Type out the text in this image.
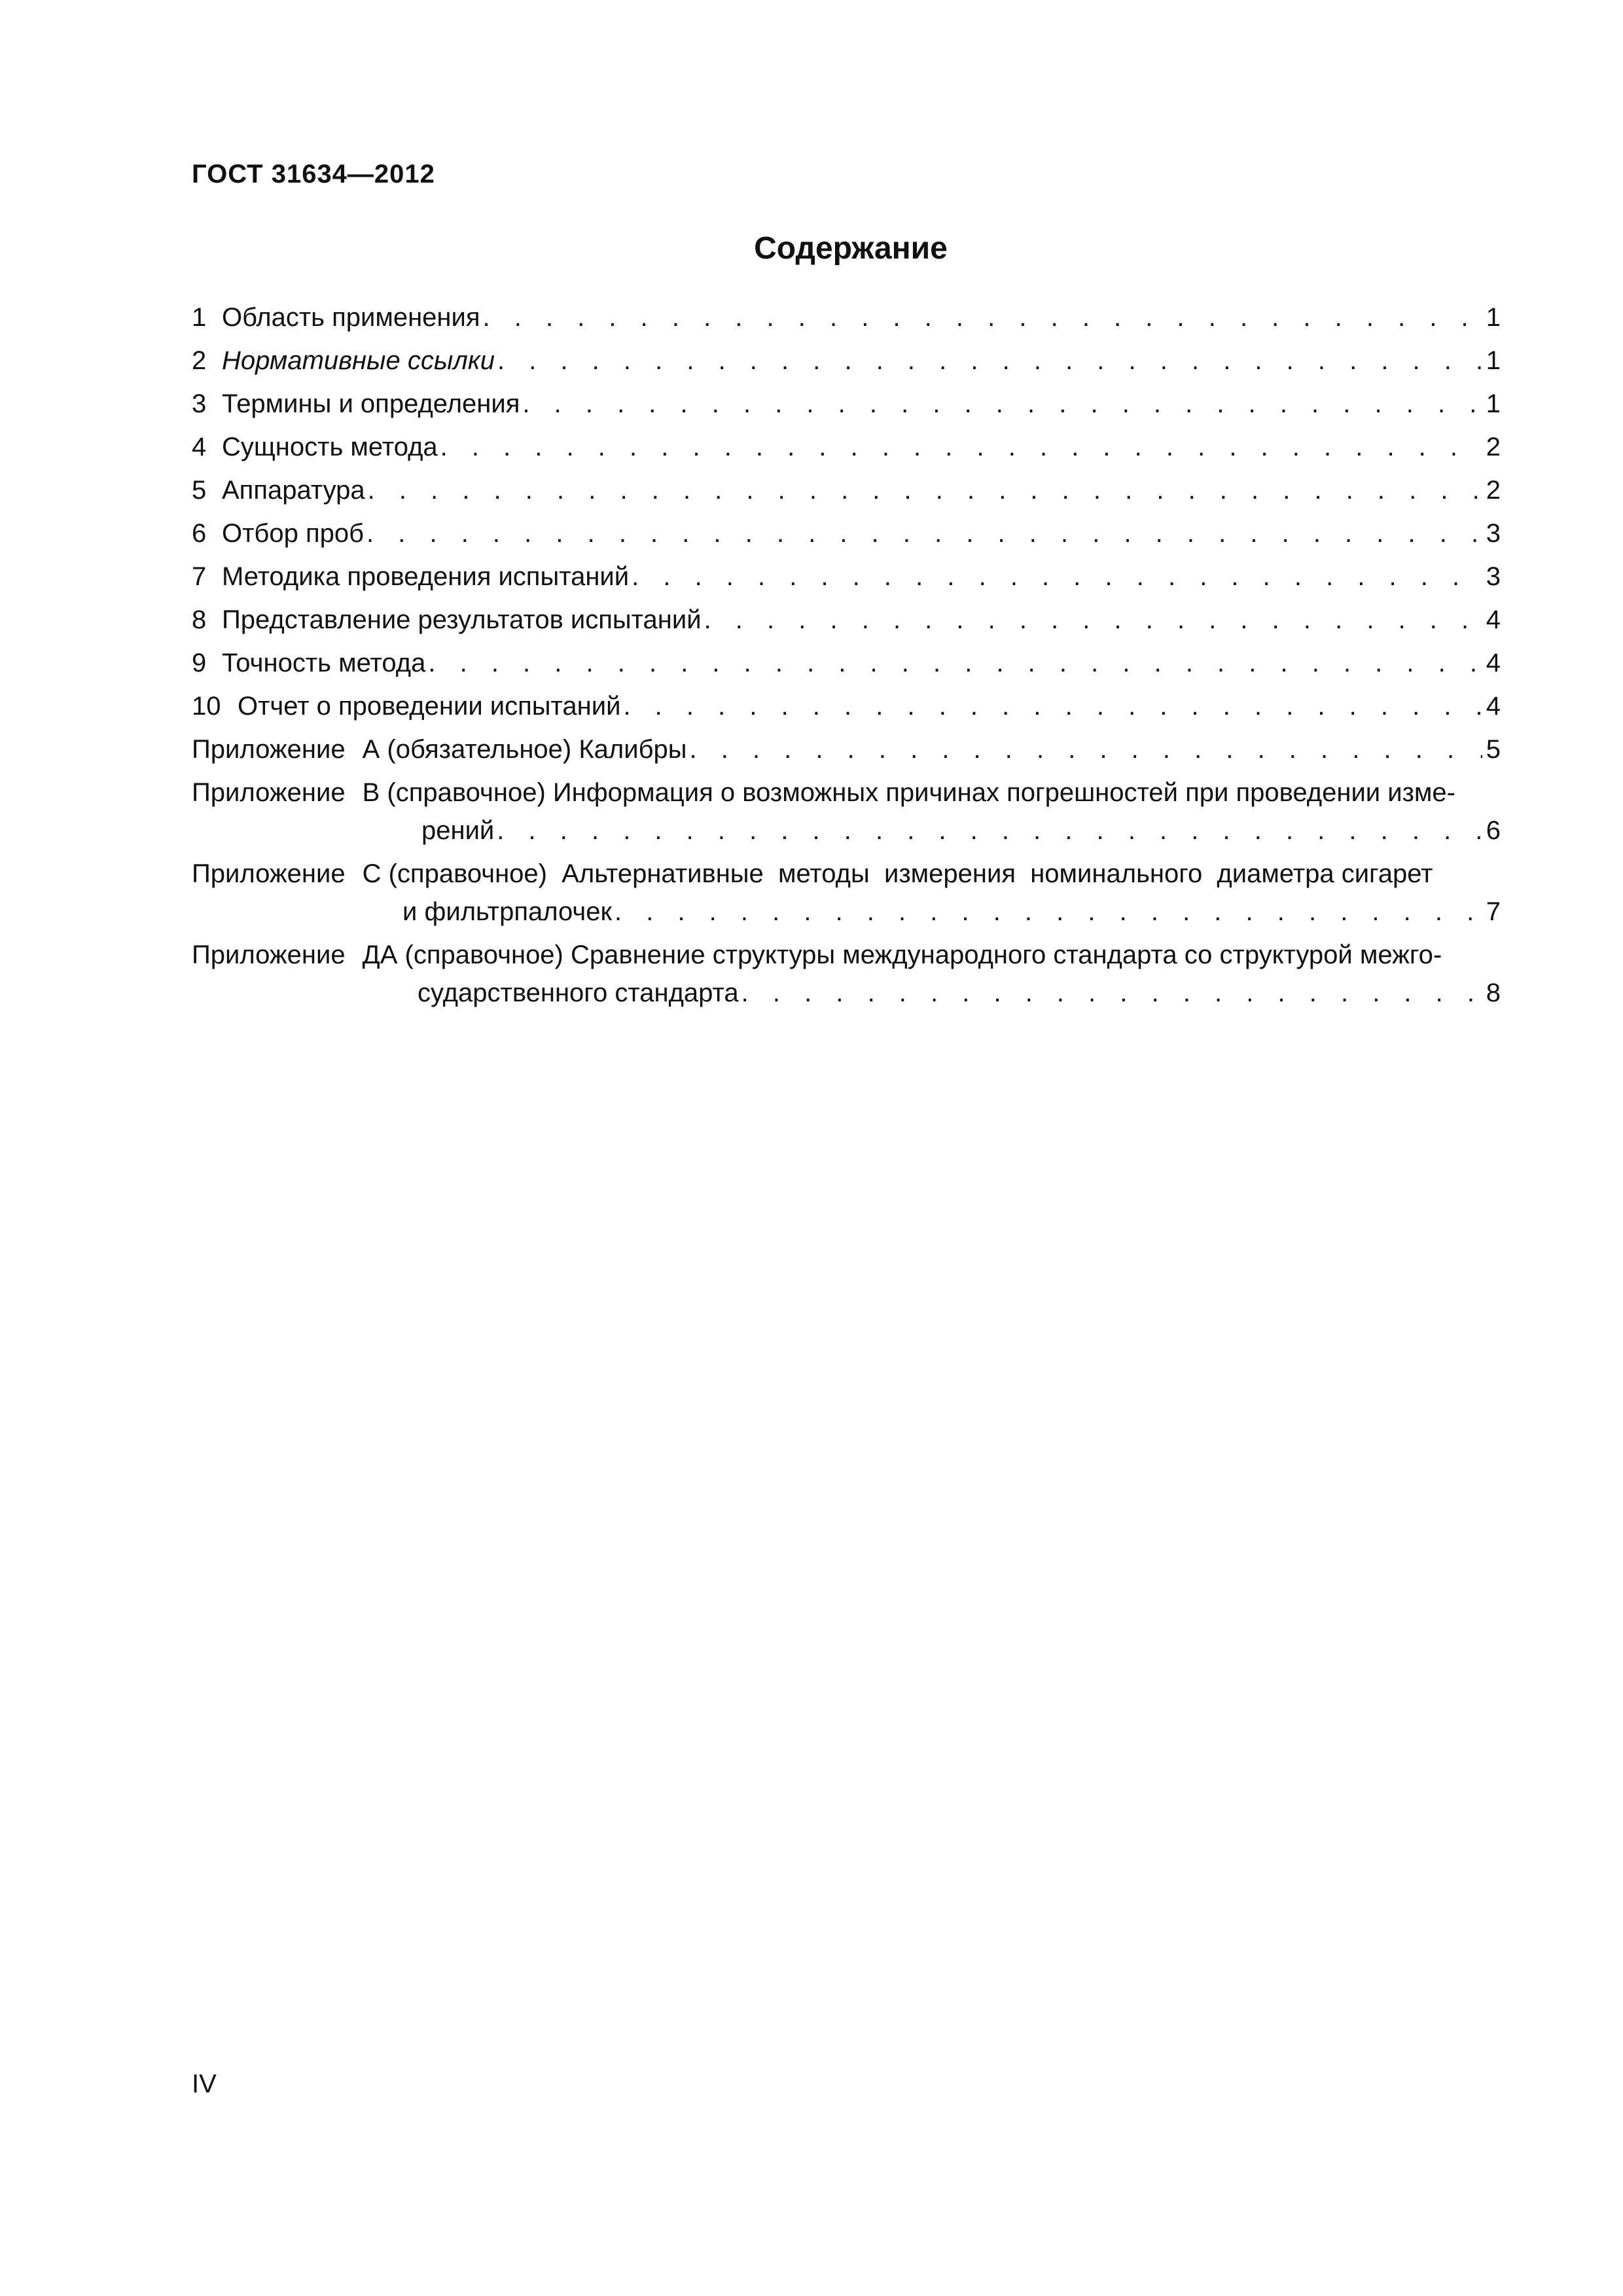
ГОСТ 31634—2012
Содержание
1 Область применения . . .	1
2 Нормативные ссылки . . .	1
3 Термины и определения . . .	1
4 Сущность метода . . .	2
5 Аппаратура . . .	2
6 Отбор проб . . .	3
7 Методика проведения испытаний . . .	3
8 Представление результатов испытаний . . .	4
9 Точность метода . . .	4
10 Отчет о проведении испытаний . . .	4
Приложение А (обязательное) Калибры . . .	5
Приложение В (справочное) Информация о возможных причинах погрешностей при проведении изме-
рений . . .	6
Приложение С (справочное)  Альтернативные  методы  измерения  номинального  диаметра сигарет
и фильтрпалочек . . .	7
Приложение ДА (справочное) Сравнение структуры международного стандарта со структурой межго-
сударственного стандарта . . .	8
IV
